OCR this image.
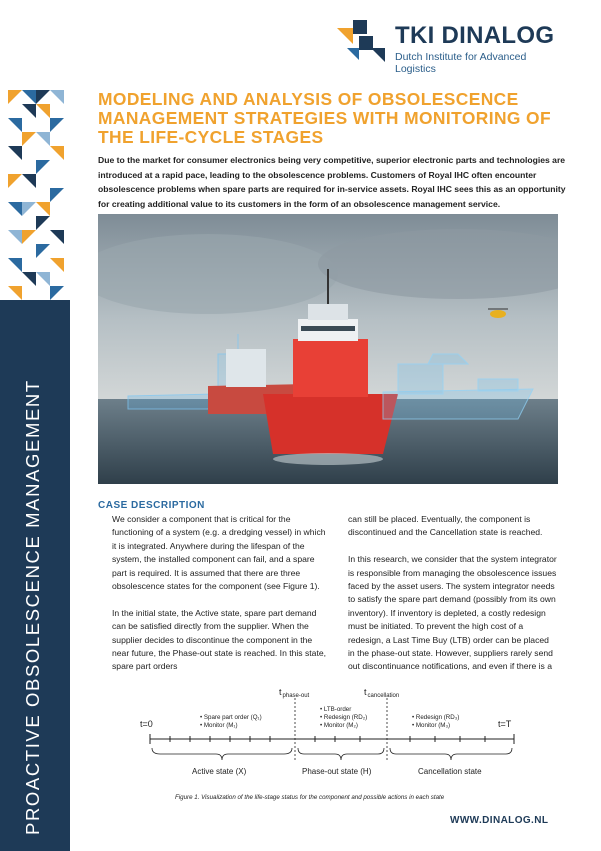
PROACTIVE OBSOLESCENCE MANAGEMENT
TKI DINALOG
Dutch Institute for Advanced Logistics
MODELING AND ANALYSIS OF OBSOLESCENCE MANAGEMENT STRATEGIES WITH MONITORING OF THE LIFE-CYCLE STAGES
Due to the market for consumer electronics being very competitive, superior electronic parts and technologies are introduced at a rapid pace, leading to the obsolescence problems. Customers of Royal IHC often encounter obsolescence problems when spare parts are required for in-service assets. Royal IHC sees this as an opportunity for creating additional value to its customers in the form of an obsolescence management service.
CASE DESCRIPTION

We consider a component that is critical for the functioning of a system (e.g. a dredging vessel) in which it is integrated. Anywhere during the lifespan of the system, the installed component can fail, and a spare part is required. It is assumed that there are three obsolescence states for the component (see Figure 1).

In the initial state, the Active state, spare part demand can be satisfied directly from the supplier. When the supplier decides to discontinue the component in the near future, the Phase-out state is reached. In this state, spare part orders

can still be placed. Eventually, the component is discontinued and the Cancellation state is reached.

In this research, we consider that the system integrator is responsible from managing the obsolescence issues faced by the asset users. The system integrator needs to satisfy the spare part demand (possibly from its own inventory). If inventory is depleted, a costly redesign must be initiated. To prevent the high cost of a redesign, a Last Time Buy (LTB) order can be placed in the phase-out state. However, suppliers rarely send out discontinuance notifications, and even if there is a

t=0	t=T
$t_{phase-out}$	$t_{cancellation}$
• Spare part order (Q₁)
• Monitor (M₁)
• LTB-order
• Redesign (RD₂)
• Monitor (M₂)
• Redesign (RD₃)
• Monitor (M₃)
Active state (X)	Phase-out state (H)	Cancellation state
Figure 1. Visualization of the life-stage status for the component and possible actions in each state
WWW.DINALOG.NL
